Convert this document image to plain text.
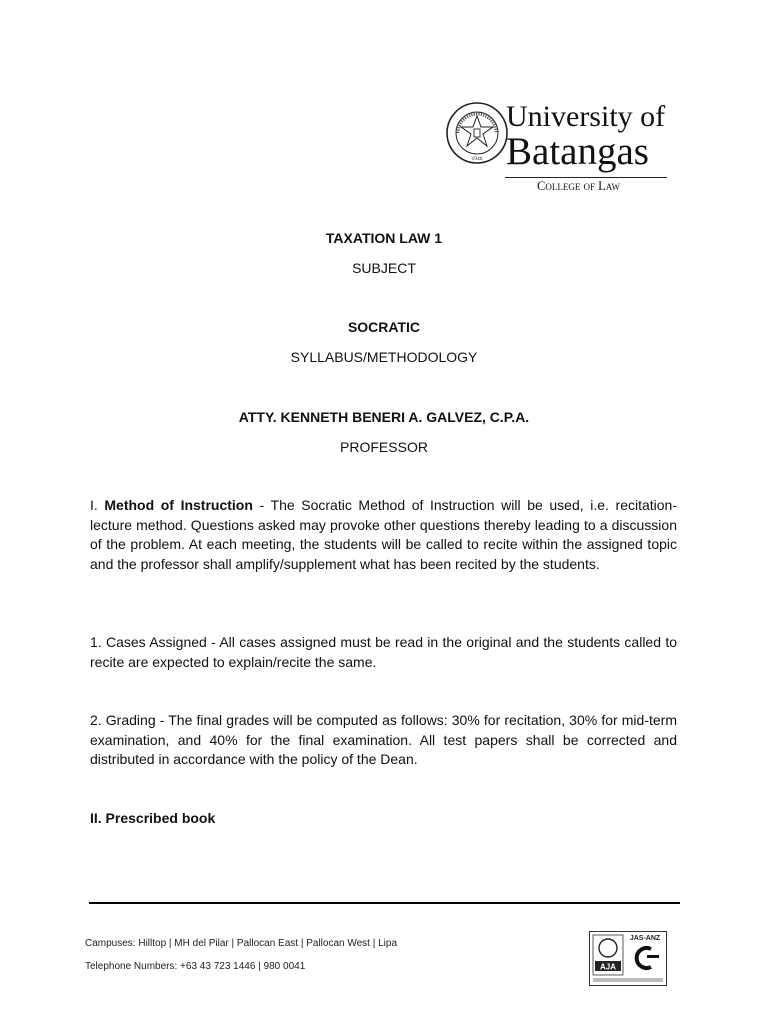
1946
University of
Batangas
College of Law
TAXATION LAW 1
SUBJECT
SOCRATIC
SYLLABUS/METHODOLOGY
ATTY. KENNETH BENERI A. GALVEZ, C.P.A.
PROFESSOR
I. Method of Instruction - The Socratic Method of Instruction will be used, i.e. recitation-lecture method. Questions asked may provoke other questions thereby leading to a discussion of the problem. At each meeting, the students will be called to recite within the assigned topic and the professor shall amplify/supplement what has been recited by the students.
1. Cases Assigned - All cases assigned must be read in the original and the students called to recite are expected to explain/recite the same.
2. Grading - The final grades will be computed as follows: 30% for recitation, 30% for mid-term examination, and 40% for the final examination. All test papers shall be corrected and distributed in accordance with the policy of the Dean.
II. Prescribed book
Campuses: Hilltop | MH del Pilar | Pallocan East | Pallocan West | Lipa
Telephone Numbers: +63 43 723 1446 | 980 0041	AJA
JAS-ANZ
